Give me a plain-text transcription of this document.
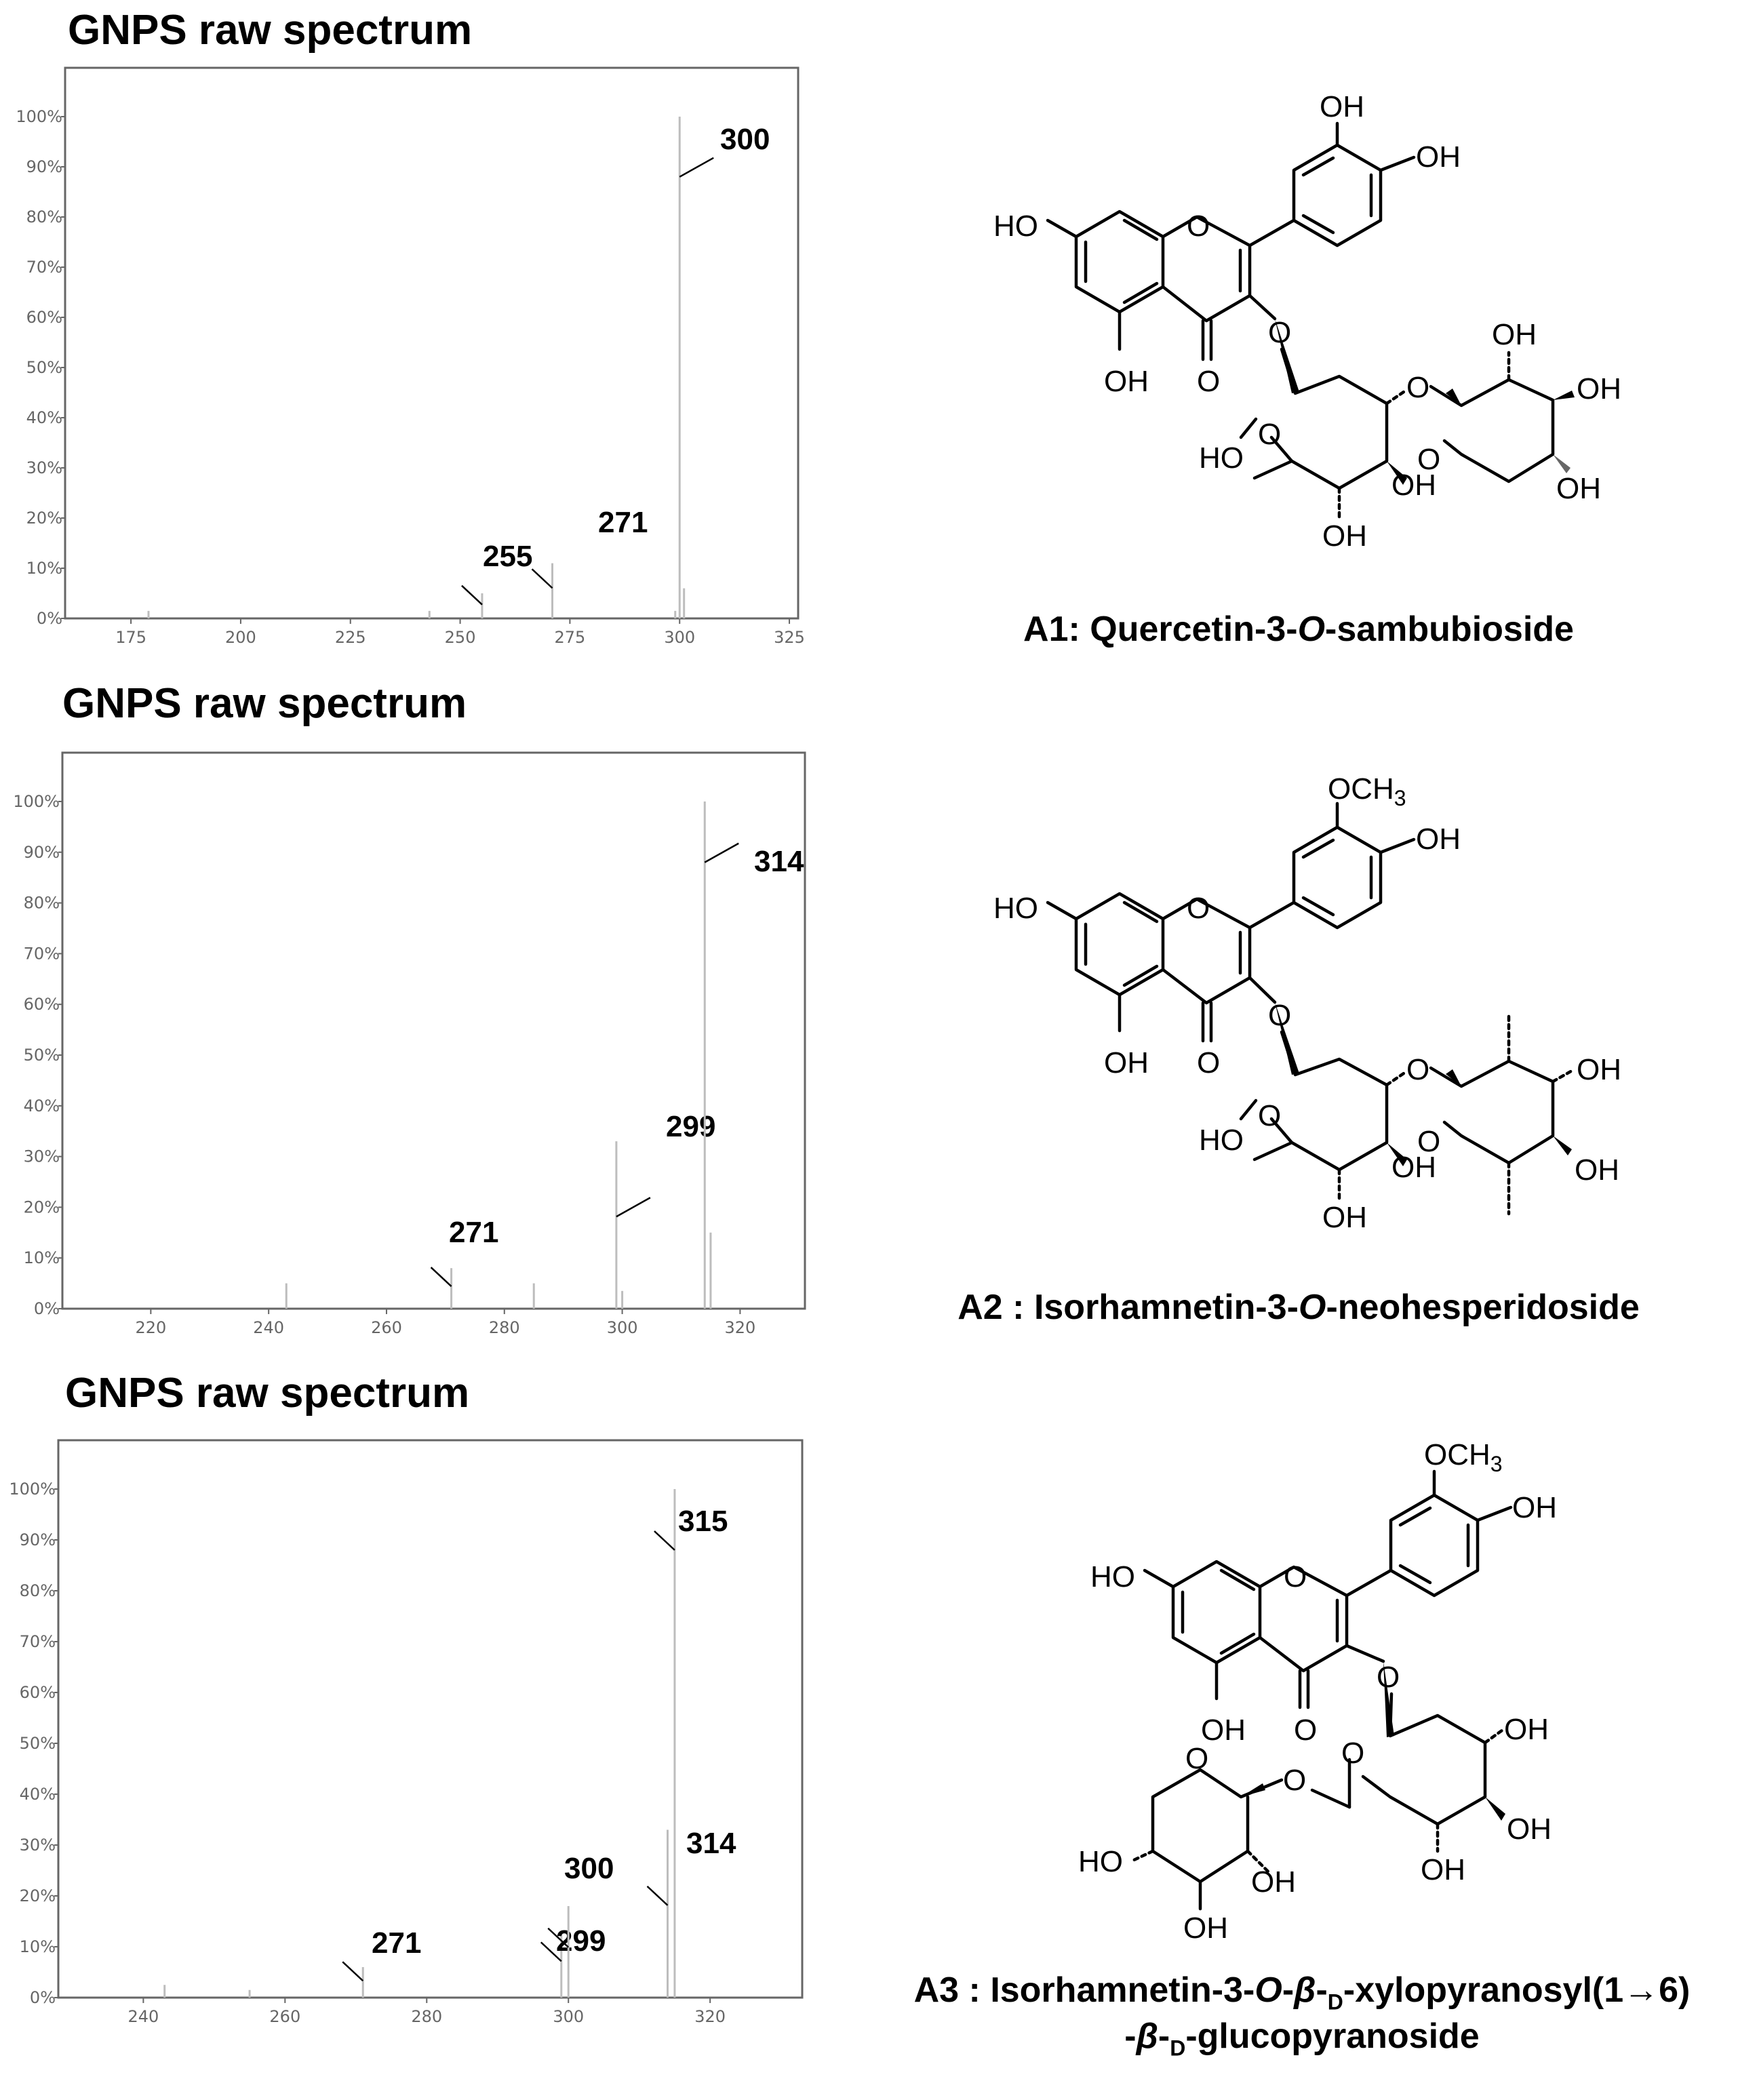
GNPS raw spectrum
0%
10%
20%
30%
40%
50%
60%
70%
80%
90%
100%
175	200	225	250	275	300	325
255
271
300
GNPS raw spectrum
0%
10%
20%
30%
40%
50%
60%
70%
80%
90%
100%
220	240	260	280	300	320
271
299
314
GNPS raw spectrum
0%
10%
20%
30%
40%
50%
60%
70%
80%
90%
100%
240	260	280	300	320
271	299
300
314
315
OH
OH
HO	O
O
OH O	O
HO
O
OH
OH
OH
OH
O
OH
A1: Quercetin-3-O-sambubioside
$OCH_3$
OH
HO	O
O
OH O	O
HO
O
OH
OH
OH
O
OH
A2 : Isorhamnetin-3-O-neohesperidoside
$OCH_3$
OH
HO	O
O
OH O
O
OH
OH
OH
O
O
HO
OH
OH
A3 : Isorhamnetin-$3-O-\beta-_D-xylopyranosyl(1\to 6)$
$-\beta-_D$-glucopyranoside
